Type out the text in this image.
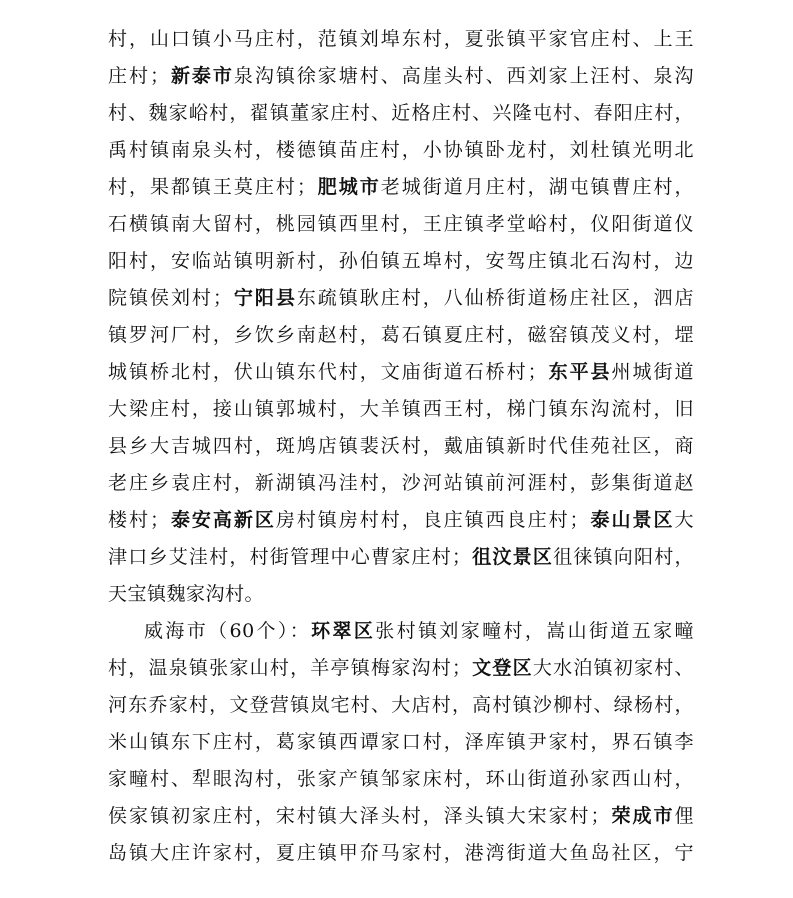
村，山口镇小马庄村，范镇刘埠东村，夏张镇平家官庄村、上王
庄村；新泰市泉沟镇徐家塘村、高崖头村、西刘家上汪村、泉沟
村、魏家峪村，翟镇董家庄村、近格庄村、兴隆屯村、春阳庄村，
禹村镇南泉头村，楼德镇苗庄村，小协镇卧龙村，刘杜镇光明北
村，果都镇王莫庄村；肥城市老城街道月庄村，湖屯镇曹庄村，
石横镇南大留村，桃园镇西里村，王庄镇孝堂峪村，仪阳街道仪
阳村，安临站镇明新村，孙伯镇五埠村，安驾庄镇北石沟村，边
院镇侯刘村；宁阳县东疏镇耿庄村，八仙桥街道杨庄社区，泗店
镇罗河厂村，乡饮乡南赵村，葛石镇夏庄村，磁窑镇茂义村，堽
城镇桥北村，伏山镇东代村，文庙街道石桥村；东平县州城街道
大梁庄村，接山镇郭城村，大羊镇西王村，梯门镇东沟流村，旧
县乡大吉城四村，斑鸠店镇裴沃村，戴庙镇新时代佳苑社区，商
老庄乡袁庄村，新湖镇冯洼村，沙河站镇前河涯村，彭集街道赵
楼村；泰安高新区房村镇房村村，良庄镇西良庄村；泰山景区大
津口乡艾洼村，村街管理中心曹家庄村；徂汶景区徂徕镇向阳村，
天宝镇魏家沟村。
威海市（60个）：环翠区张村镇刘家疃村，嵩山街道五家疃
村，温泉镇张家山村，羊亭镇梅家沟村；文登区大水泊镇初家村、
河东乔家村，文登营镇岚宅村、大店村，高村镇沙柳村、绿杨村，
米山镇东下庄村，葛家镇西谭家口村，泽库镇尹家村，界石镇李
家疃村、犁眼沟村，张家产镇邹家床村，环山街道孙家西山村，
侯家镇初家庄村，宋村镇大泽头村，泽头镇大宋家村；荣成市俚
岛镇大庄许家村，夏庄镇甲夼马家村，港湾街道大鱼岛社区，宁
